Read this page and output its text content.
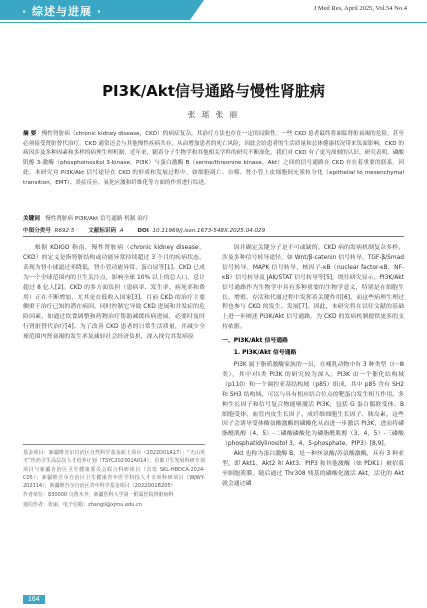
· 综述与进展 ·	J Med Res, April 2025, Vol.54 No.4
PI3K/Akt信号通路与慢性肾脏病
张 瑶 张 丽
摘 要 慢性肾脏病（chronic kidney disease，CKD）的病症复杂，其治疗方法也存在一定的局限性。一些 CKD 患者最终将面临肾脏衰竭的危险，甚至必须接受肾脏替代治疗。CKD 通常还会与其他慢性疾病共存，从而增加患者的死亡风险，因此会给患者的生活质量和总体健康状况带来负面影响。CKD 的病因涉及多种因素和多样的病理生理机制，近年来，随着分子生物学和其他相关学科的研究不断深化，我们对 CKD 有了更为深刻的认识。研究表明，磷酸肌醇 3-激酶（phosphoinositol 3-kinase，PI3K）与蛋白激酶 B（serine/threonine kinase，Akt）之间的信号通路在 CKD 存在着重要的联系。因此，本研究对 PI3K/Akt 信号途径在 CKD 的形成和发展过程中，如细胞凋亡、自噬、肾小管上皮细胞间充质转分化（epithelial to mesenchymal transition，EMT）、炎症反应、氧化应激和纤维化等方面的作用进行综述。
关键词 慢性肾脏病 PI3K/Akt 信号通路 机制 治疗
中图分类号 R692.5 文献标识码 A DOI 10.11969/j.issn.1673-548X.2025.04.029

根据 KDIGO 指南，慢性肾脏病（chronic kidney disease，CKD）的定义是指肾脏结构或功能异常持续超过 3 个月的疾病状态，表现为肾小球滤过率降低、肾小管功能异常、蛋白尿等[1]。CKD 已成为一个全球范围内的卫生关注点，影响全球 10% 以上的总人口，总计超过 8 亿人[2]。CKD 的多方面负担（患病率、发生率、病死率和费用）正在不断增加，尤其是在低收入国家[3]。目前 CKD 的治疗主要侧重于治疗已知的潜在病因，同时控制它导致 CKD 进展和并发症的危险因素，如通过饮食调整和药物治疗帮助减缓疾病进展，必要时及时行肾脏替代治疗[4]。为了改善 CKD 患者的日常生活质量，并减少全球范围内肾衰竭的发生率及减轻社会经济负担，深入探究其发病原

因并确定关键分子是不可或缺的。CKD 病的发病机制复杂多样，涉及多种信号转导途径，如 Wnt/β-catenin 信号转导、TGF-β/Smad 信号转导、MAPK 信号转导、核因子-κB（nuclear factor-κB，NF-κB）信号转导及 JAK/STAT 信号转导等[5]。既往研究显示，PI3K/Akt 信号通路作为生物学中具有多种重要的生物学意义，特别是在细胞生长、增殖、存活和代谢过程中发挥着关键作用[6]，而这些病理生理过程也参与 CKD 的发生、发展[7]。因此，本研究将在以往文献的基础上进一步阐述 PI3K/Akt 信号通路，为 CKD 的发病机制提供更多的支持依据。

一、PI3K/Akt 信号通路
1. PI3K/Akt 信号通路

PI3K 属于脂质激酶家族的一员，在哺乳动物中有 3 种类型（Ⅰ～Ⅲ类），其中对Ⅰ类 PI3K 的研究较为深入。PI3K 由一个催化结构域（p110）和一个调控亚基结构域（p85）组成，其中 p85 含有 SH2 和 SH3 结构域，可以与具有相应结合位点的靶蛋白发生相互作用。多种生长因子和信号复合物能够激活 PI3K，包括 G 蛋白偶联受体、B 细胞受体、血管内皮生长因子、成纤维细胞生长因子、胰岛素。这些因子会诱导受体酪氨酸激酶的磷酸化从而进一步激活 PI3K，进而将磷脂酰肌醇（4，5）-二磷酸磷酸化为磷脂酰肌醇（3，4，5）-三磷酸（phosphatidylinositol 3，4，5-phosphate，PIP3）[8,9]。

Akt 也称为蛋白激酶 B，是一种丝氨酸/苏氨酸激酶，具有 3 种亚型，即 Akt1、Akt2 和 Akt3。PIP3 和其他激酶（如 PDK1）被招募至细胞质膜，随后通过 Thr308 残基的磷酸化激活 Akt，活化的 Akt 就会通过磷

基金项目：新疆维吾尔自治区自然科学基金面上项目（2022D01A17）；“天山英才”医药卫生高层次人才培养计划（TSYC202301A014）；首都卫生发展科研专项项目与新疆自治区卫生健康委员会联合科研项目（首发 SKL-HBDCA-2024-C05）；新疆维吾尔自治区卫生健康青年医学科技人才专项科研项目（WJWY-202314）；新疆维吾尔自治区青年科学基金项目（2022D01B205）

作者单位：830000 乌鲁木齐，新疆医科大学第一附属医院肾脏病科

通信作者：张丽，电子信箱：zhangli@xjmu.edu.cn

164
